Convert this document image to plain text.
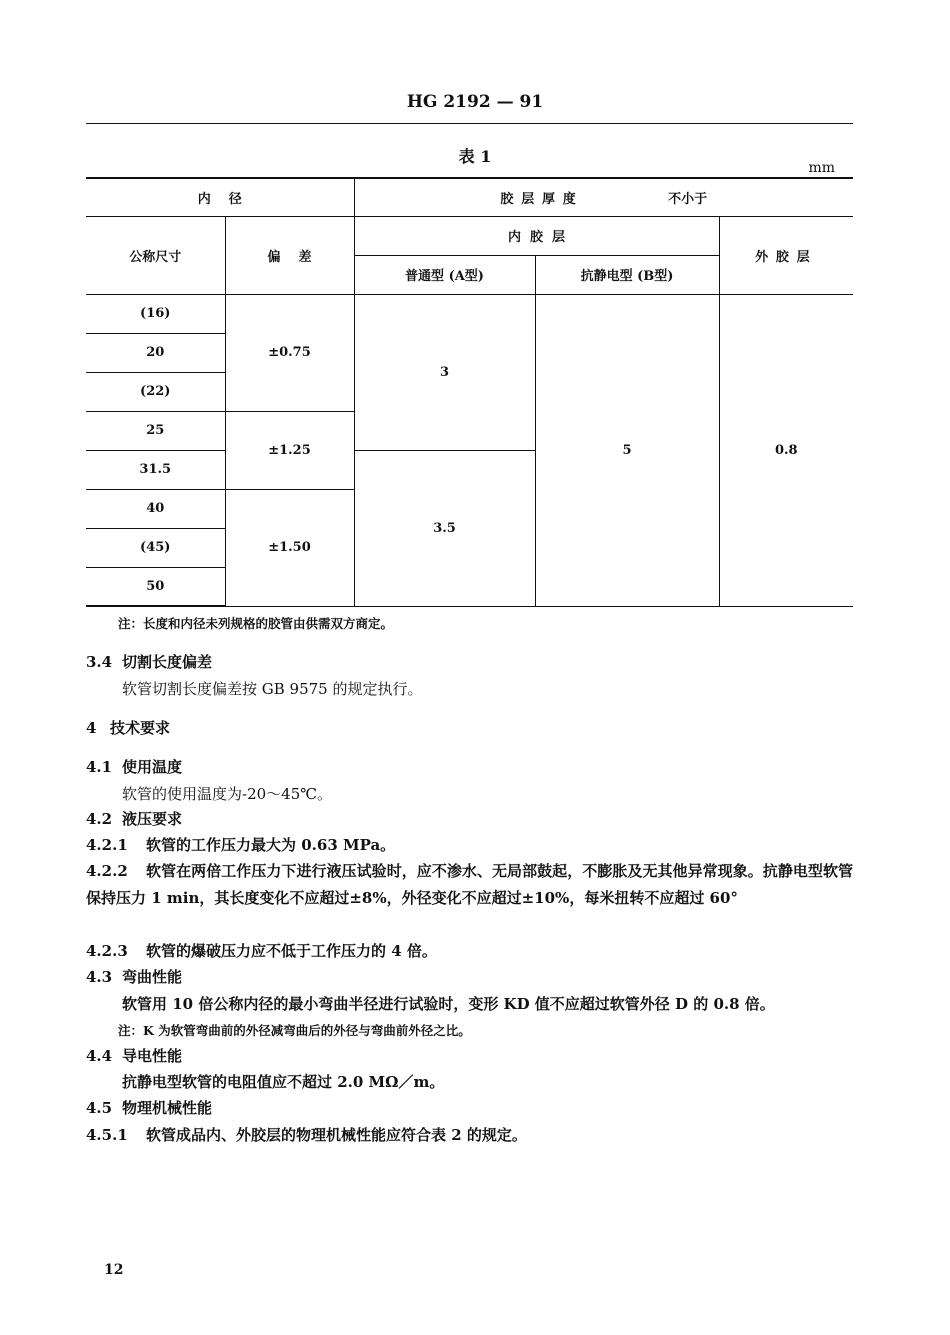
HG 2192 — 91
表 1
mm
内    径		胶层厚度 不小于		
公称尺寸	偏    差	内  胶  层		外胶层
		普通型 (A型)	抗静电型 (B型)	
(16)	±0.75	3	5	0.8
20				
(22)				
25	±1.25			
31.5		3.5		
40	±1.50			
(45)				
50				
注：长度和内径未列规格的胶管由供需双方商定。
3.4 切割长度偏差
软管切割长度偏差按 GB 9575 的规定执行。
4 技术要求
4.1 使用温度
软管的使用温度为-20～45℃。
4.2 液压要求
4.2.1 软管的工作压力最大为 0.63 MPa。
4.2.2 软管在两倍工作压力下进行液压试验时，应不渗水、无局部鼓起，不膨胀及无其他异常现象。抗静电型软管保持压力 1 min，其长度变化不应超过±8%，外径变化不应超过±10%，每米扭转不应超过 60°
4.2.3 软管的爆破压力应不低于工作压力的 4 倍。
4.3 弯曲性能
软管用 10 倍公称内径的最小弯曲半径进行试验时，变形 KD 值不应超过软管外径 D 的 0.8 倍。
注：K 为软管弯曲前的外径减弯曲后的外径与弯曲前外径之比。
4.4 导电性能
抗静电型软管的电阻值应不超过 2.0 MΩ／m。
4.5 物理机械性能
4.5.1 软管成品内、外胶层的物理机械性能应符合表 2 的规定。
12
